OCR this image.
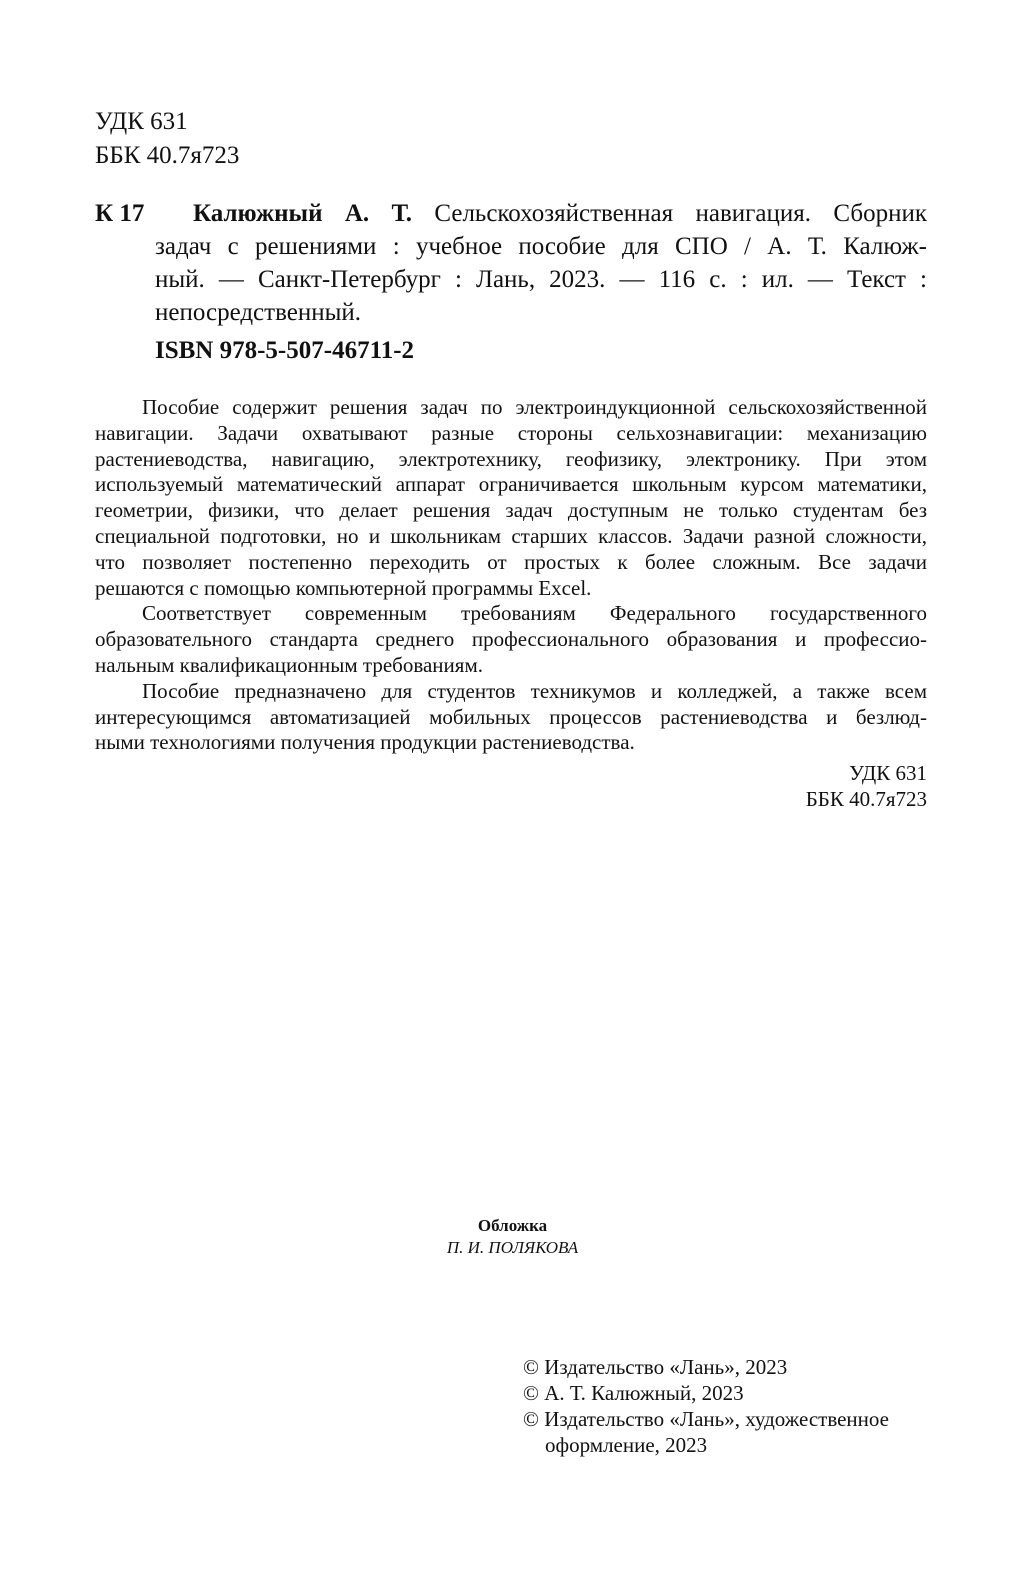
УДК 631
ББК 40.7я723
К 17 Калюжный А. Т. Сельскохозяйственная навигация. Сборник
задач с решениями : учебное пособие для СПО / А. Т. Калюж-
ный. — Санкт-Петербург : Лань, 2023. — 116 с. : ил. — Текст :
непосредственный.
ISBN 978-5-507-46711-2
Пособие содержит решения задач по электроиндукционной сельскохозяйственной
навигации. Задачи охватывают разные стороны сельхознавигации: механизацию
растениеводства, навигацию, электротехнику, геофизику, электронику. При этом
используемый математический аппарат ограничивается школьным курсом математики,
геометрии, физики, что делает решения задач доступным не только студентам без
специальной подготовки, но и школьникам старших классов. Задачи разной сложности,
что позволяет постепенно переходить от простых к более сложным. Все задачи
решаются с помощью компьютерной программы Excel.
Соответствует современным требованиям Федерального государственного
образовательного стандарта среднего профессионального образования и профессио-
нальным квалификационным требованиям.
Пособие предназначено для студентов техникумов и колледжей, а также всем
интересующимся автоматизацией мобильных процессов растениеводства и безлюд-
ными технологиями получения продукции растениеводства.
УДК 631
ББК 40.7я723
Обложка
П. И. ПОЛЯКОВА
© Издательство «Лань», 2023
© А. Т. Калюжный, 2023
© Издательство «Лань», художественное
оформление, 2023
